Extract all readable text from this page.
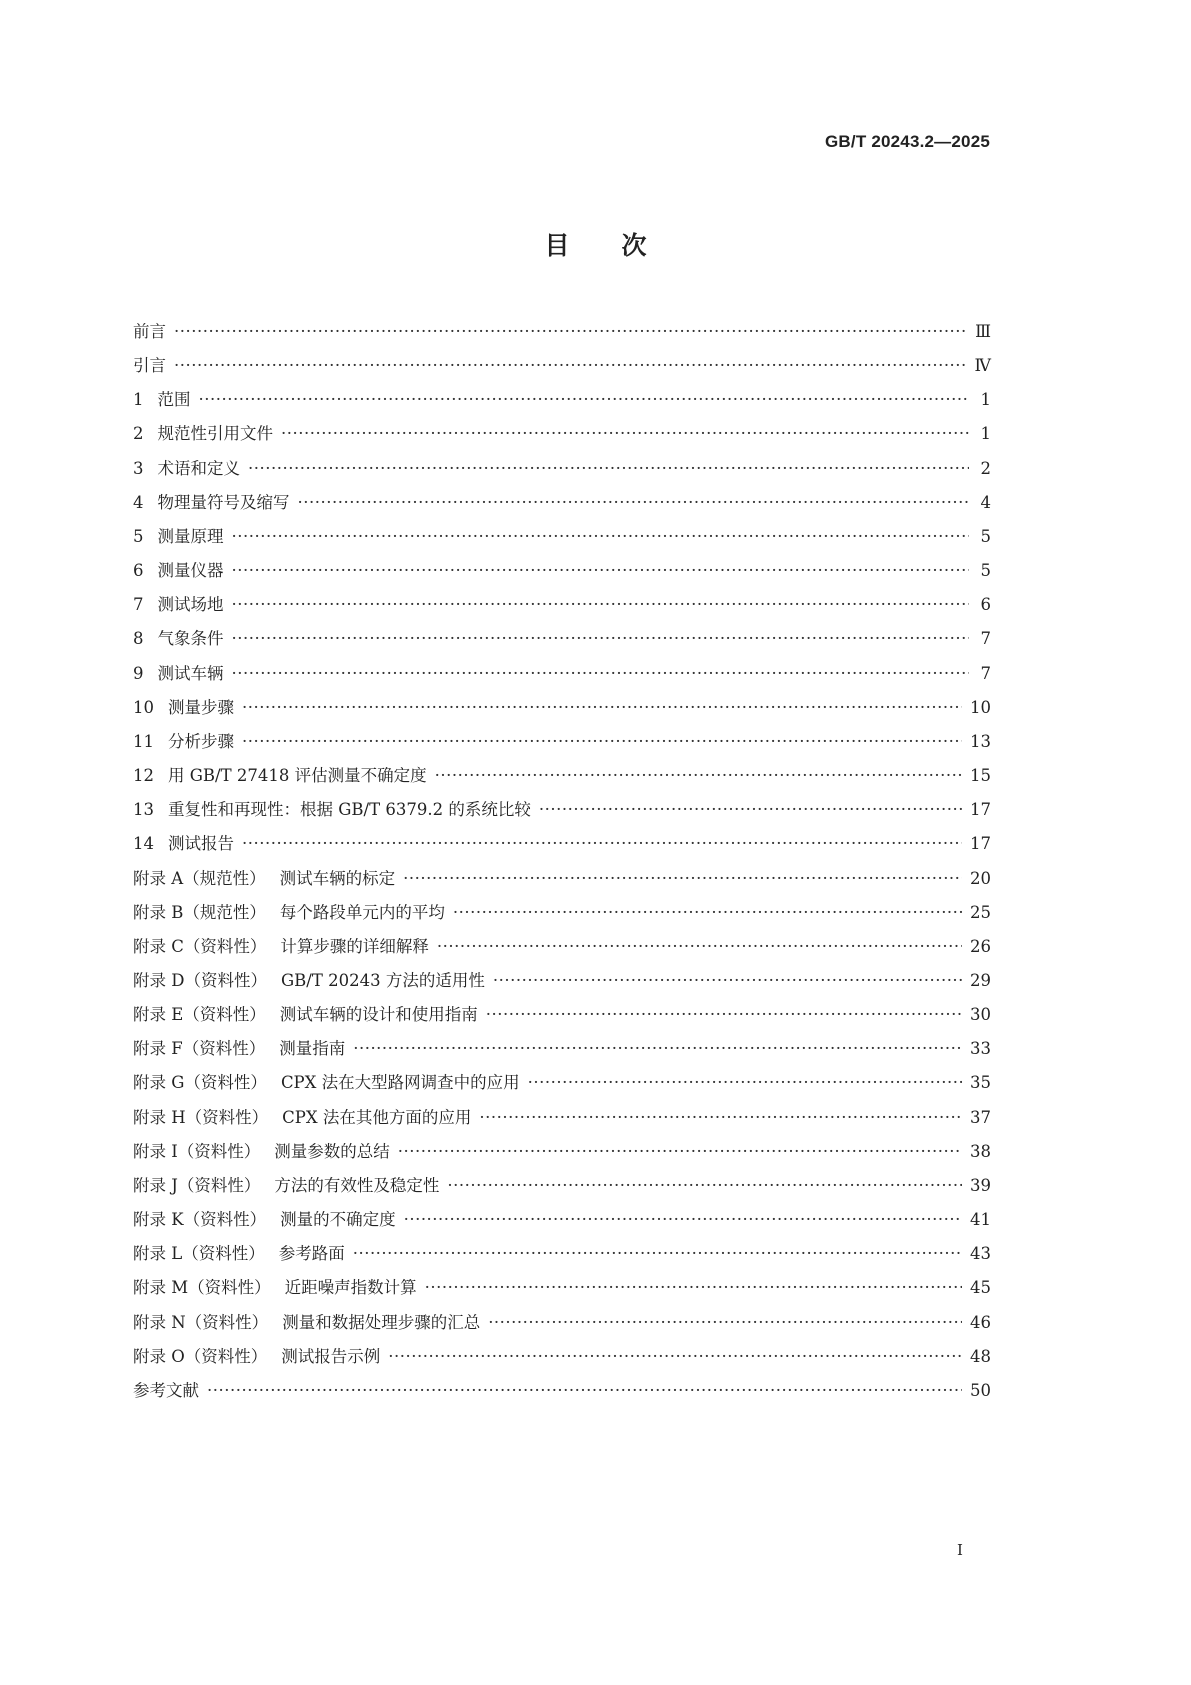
GB/T 20243.2—2025
目次
前言 ·····	Ⅲ
引言 ·····	Ⅳ
1 范围 ·····	1
2 规范性引用文件 ·····	1
3 术语和定义 ·····	2
4 物理量符号及缩写 ·····	4
5 测量原理 ·····	5
6 测量仪器 ·····	5
7 测试场地 ·····	6
8 气象条件 ·····	7
9 测试车辆 ·····	7
10 测量步骤 ·····	10
11 分析步骤 ·····	13
12 用 GB/T 27418 评估测量不确定度 ·····	15
13 重复性和再现性：根据 GB/T 6379.2 的系统比较 ·····	17
14 测试报告 ·····	17
附录 A（规范性） 测试车辆的标定 ·····	20
附录 B（规范性） 每个路段单元内的平均 ·····	25
附录 C（资料性） 计算步骤的详细解释 ·····	26
附录 D（资料性） GB/T 20243 方法的适用性 ·····	29
附录 E（资料性） 测试车辆的设计和使用指南 ·····	30
附录 F（资料性） 测量指南 ·····	33
附录 G（资料性） CPX 法在大型路网调查中的应用 ·····	35
附录 H（资料性） CPX 法在其他方面的应用 ·····	37
附录 I（资料性） 测量参数的总结 ·····	38
附录 J（资料性） 方法的有效性及稳定性 ·····	39
附录 K（资料性） 测量的不确定度 ·····	41
附录 L（资料性） 参考路面 ·····	43
附录 M（资料性） 近距噪声指数计算 ·····	45
附录 N（资料性） 测量和数据处理步骤的汇总 ·····	46
附录 O（资料性） 测试报告示例 ·····	48
参考文献 ·····	50
I
